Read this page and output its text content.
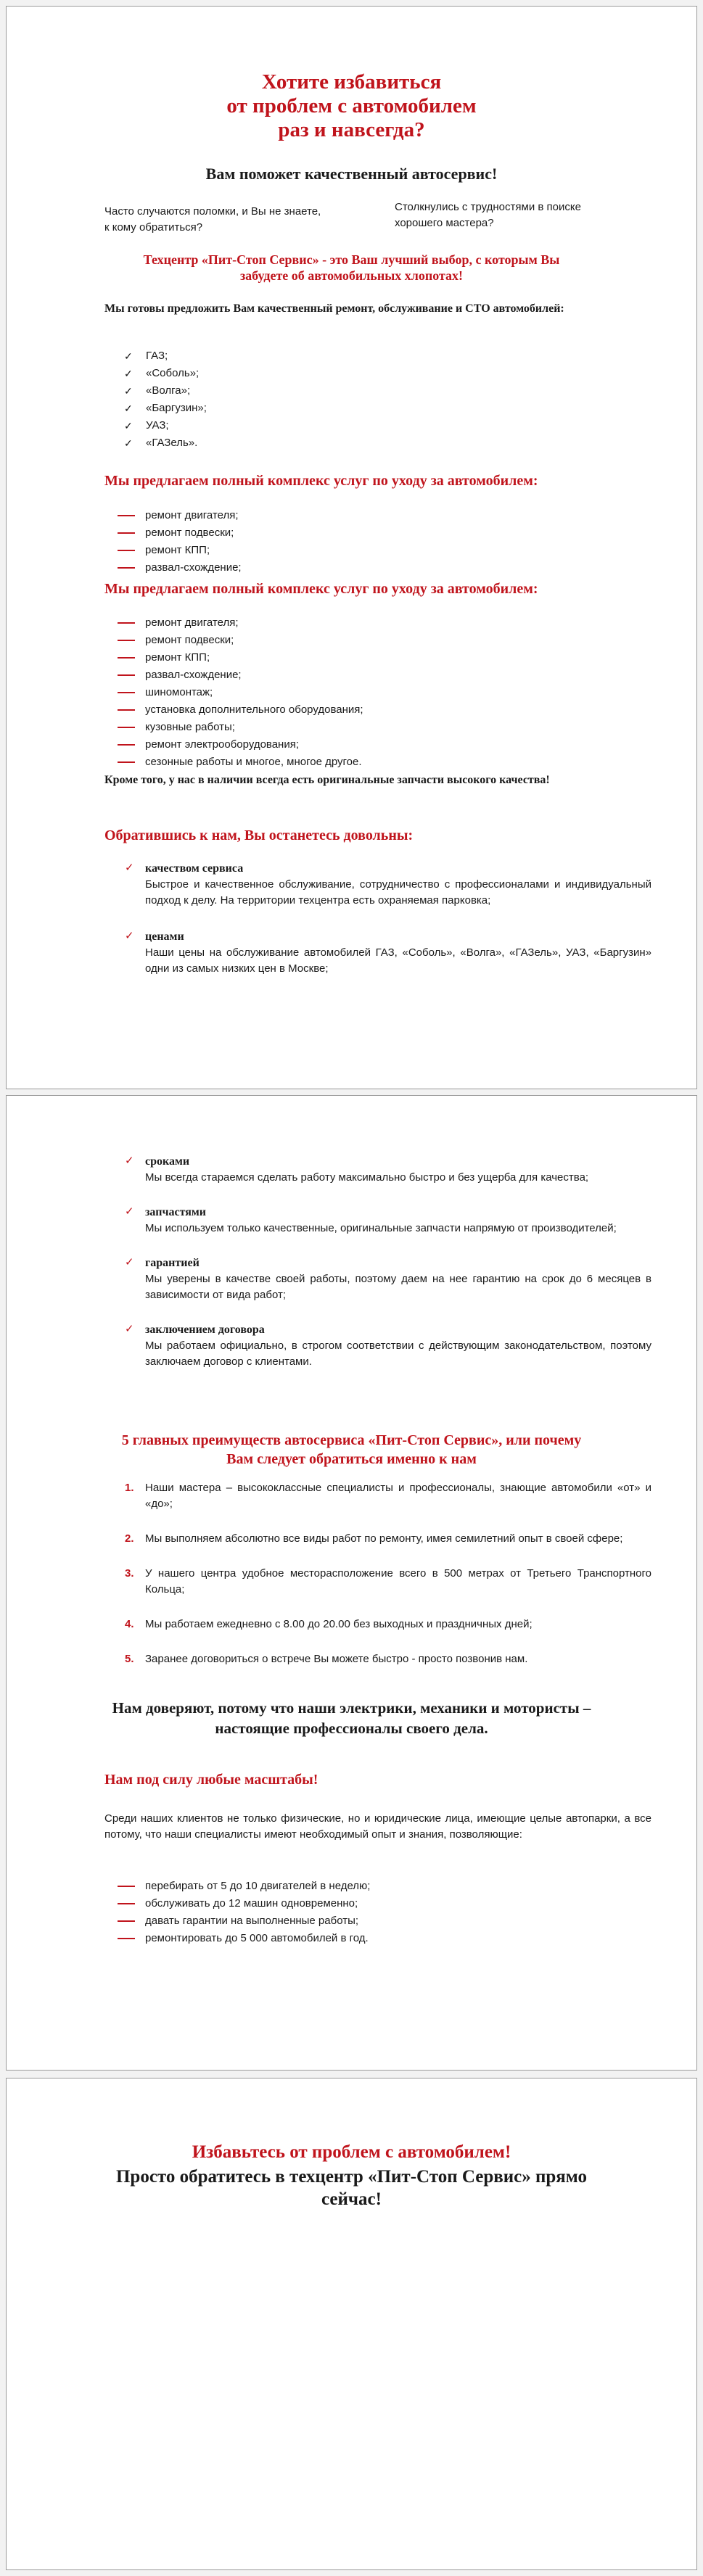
Хотите избавиться
от проблем с автомобилем
раз и навсегда?
Вам поможет качественный автосервис!
Часто случаются поломки, и Вы не знаете,
к кому обратиться?
Столкнулись с трудностями в поиске
хорошего мастера?
Техцентр «Пит-Стоп Сервис» - это Ваш лучший выбор, с которым Вы
забудете об автомобильных хлопотах!
Мы готовы предложить Вам качественный ремонт, обслуживание и СТО автомобилей:
✓ ГАЗ;
✓ «Соболь»;
✓ «Волга»;
✓ «Баргузин»;
✓ УАЗ;
✓ «ГАЗель».
Мы предлагаем полный комплекс услуг по уходу за автомобилем:
ремонт двигателя;
ремонт подвески;
ремонт КПП;
развал-схождение;
Мы предлагаем полный комплекс услуг по уходу за автомобилем:
ремонт двигателя;
ремонт подвески;
ремонт КПП;
развал-схождение;
шиномонтаж;
установка дополнительного оборудования;
кузовные работы;
ремонт электрооборудования;
сезонные работы и многое, многое другое.
Кроме того, у нас в наличии всегда есть оригинальные запчасти высокого качества!
Обратившись к нам, Вы останетесь довольны:
✓ качеством сервиса
Быстрое и качественное обслуживание, сотрудничество с профессионалами и индивидуальный подход к делу. На территории техцентра есть охраняемая парковка;
✓ ценами
Наши цены на обслуживание автомобилей ГАЗ, «Соболь», «Волга», «ГАЗель», УАЗ, «Баргузин» одни из самых низких цен в Москве;
✓ сроками
Мы всегда стараемся сделать работу максимально быстро и без ущерба для качества;
✓ запчастями
Мы используем только качественные, оригинальные запчасти напрямую от производителей;
✓ гарантией
Мы уверены в качестве своей работы, поэтому даем на нее гарантию на срок до 6 месяцев в зависимости от вида работ;
✓ заключением договора
Мы работаем официально, в строгом соответствии с действующим законодательством, поэтому заключаем договор с клиентами.
5 главных преимуществ автосервиса «Пит-Стоп Сервис», или почему
Вам следует обратиться именно к нам
1. Наши мастера – высококлассные специалисты и профессионалы, знающие автомобили «от» и «до»;
2. Мы выполняем абсолютно все виды работ по ремонту, имея семилетний опыт в своей сфере;
3. У нашего центра удобное месторасположение всего в 500 метрах от Третьего Транспортного Кольца;
4. Мы работаем ежедневно с 8.00 до 20.00 без выходных и праздничных дней;
5. Заранее договориться о встрече Вы можете быстро - просто позвонив нам.
Нам доверяют, потому что наши электрики, механики и мотористы –
настоящие профессионалы своего дела.
Нам под силу любые масштабы!
Среди наших клиентов не только физические, но и юридические лица, имеющие целые автопарки, а все потому, что наши специалисты имеют необходимый опыт и знания, позволяющие:
перебирать от 5 до 10 двигателей в неделю;
обслуживать до 12 машин одновременно;
давать гарантии на выполненные работы;
ремонтировать до 5 000 автомобилей в год.
Избавьтесь от проблем с автомобилем!
Просто обратитесь в техцентр «Пит-Стоп Сервис» прямо
сейчас!
